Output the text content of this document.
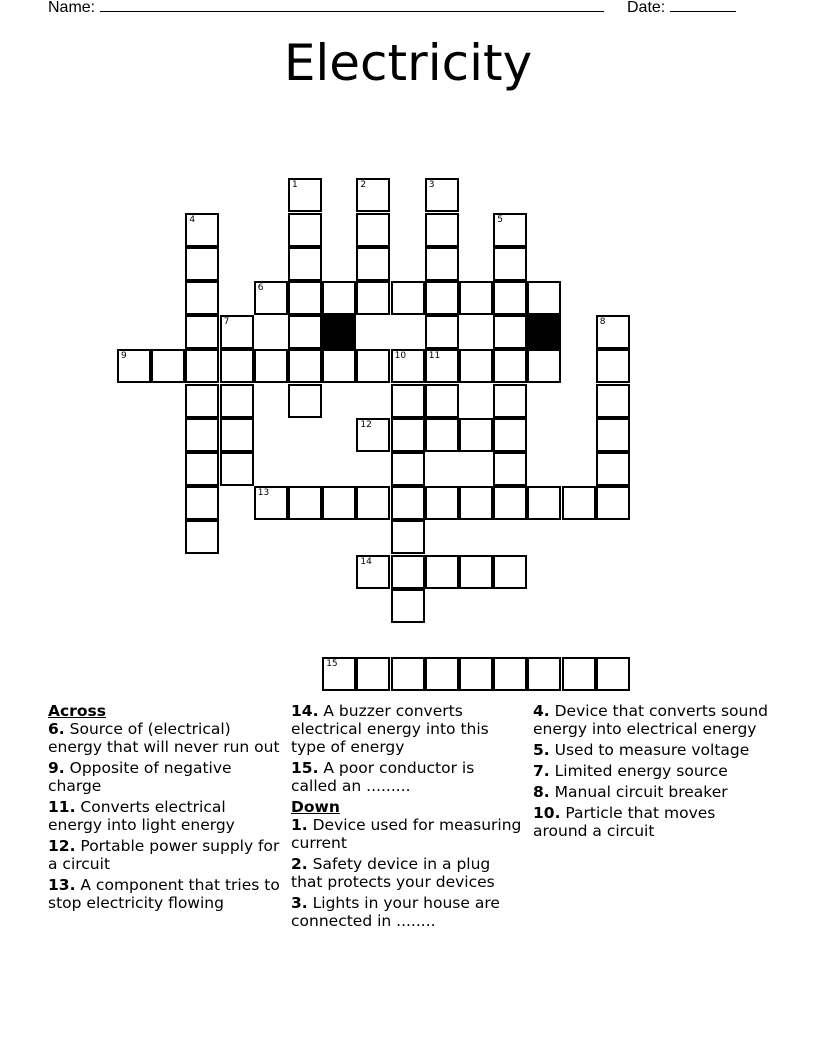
Name:	Date:
Electricity
1	2	3
4	5
6
7	8
9	10	11
12
13
14
15
Across
6. Source of (electrical) energy that will never run out
9. Opposite of negative charge
11. Converts electrical energy into light energy
12. Portable power supply for a circuit
13. A component that tries to stop electricity flowing
14. A buzzer converts electrical energy into this type of energy
15. A poor conductor is called an .........
Down
1. Device used for measuring current
2. Safety device in a plug that protects your devices
3. Lights in your house are connected in ........
4. Device that converts sound energy into electrical energy
5. Used to measure voltage
7. Limited energy source
8. Manual circuit breaker
10. Particle that moves around a circuit
